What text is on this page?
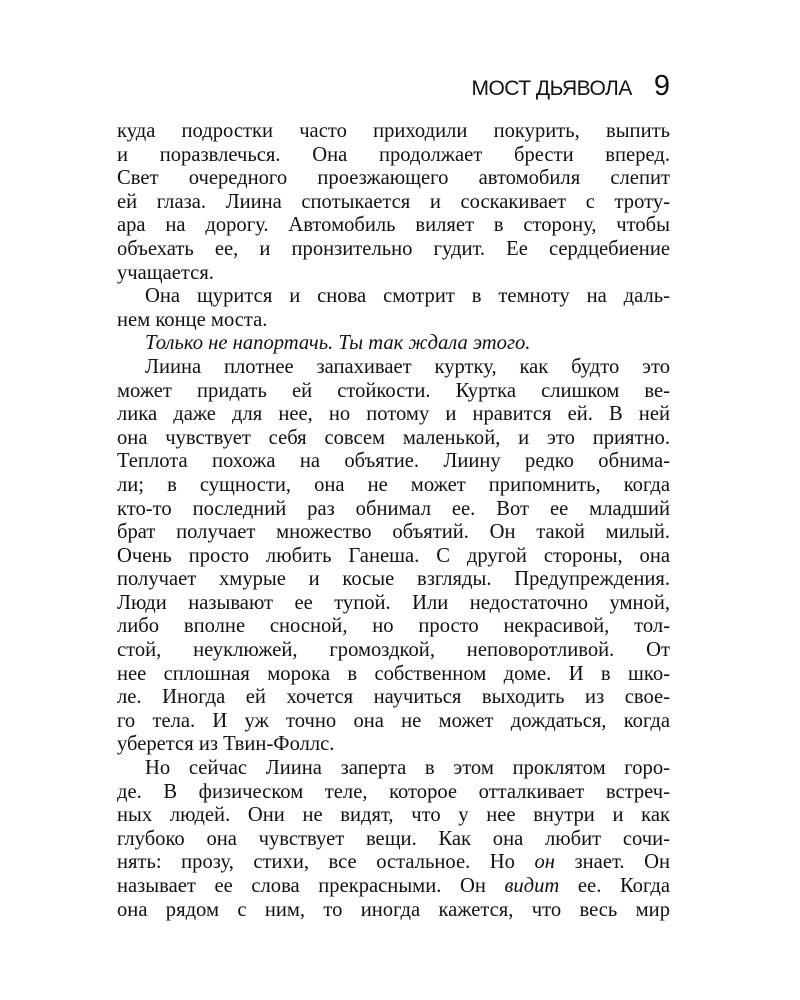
МОСТ ДЬЯВОЛА 9
куда подростки часто приходили покурить, выпить
и поразвлечься. Она продолжает брести вперед.
Свет очередного проезжающего автомобиля слепит
ей глаза. Лиина спотыкается и соскакивает с троту-
ара на дорогу. Автомобиль виляет в сторону, чтобы
объехать ее, и пронзительно гудит. Ее сердцебиение
учащается.
Она щурится и снова смотрит в темноту на даль-
нем конце моста.
Только не напортачь. Ты так ждала этого.
Лиина плотнее запахивает куртку, как будто это
может придать ей стойкости. Куртка слишком ве-
лика даже для нее, но потому и нравится ей. В ней
она чувствует себя совсем маленькой, и это приятно.
Теплота похожа на объятие. Лиину редко обнима-
ли; в сущности, она не может припомнить, когда
кто-то последний раз обнимал ее. Вот ее младший
брат получает множество объятий. Он такой милый.
Очень просто любить Ганеша. С другой стороны, она
получает хмурые и косые взгляды. Предупреждения.
Люди называют ее тупой. Или недостаточно умной,
либо вполне сносной, но просто некрасивой, тол-
стой, неуклюжей, громоздкой, неповоротливой. От
нее сплошная морока в собственном доме. И в шко-
ле. Иногда ей хочется научиться выходить из свое-
го тела. И уж точно она не может дождаться, когда
уберется из Твин-Фоллс.
Но сейчас Лиина заперта в этом проклятом горо-
де. В физическом теле, которое отталкивает встреч-
ных людей. Они не видят, что у нее внутри и как
глубоко она чувствует вещи. Как она любит сочи-
нять: прозу, стихи, все остальное. Но он знает. Он
называет ее слова прекрасными. Он видит ее. Когда
она рядом с ним, то иногда кажется, что весь мир
